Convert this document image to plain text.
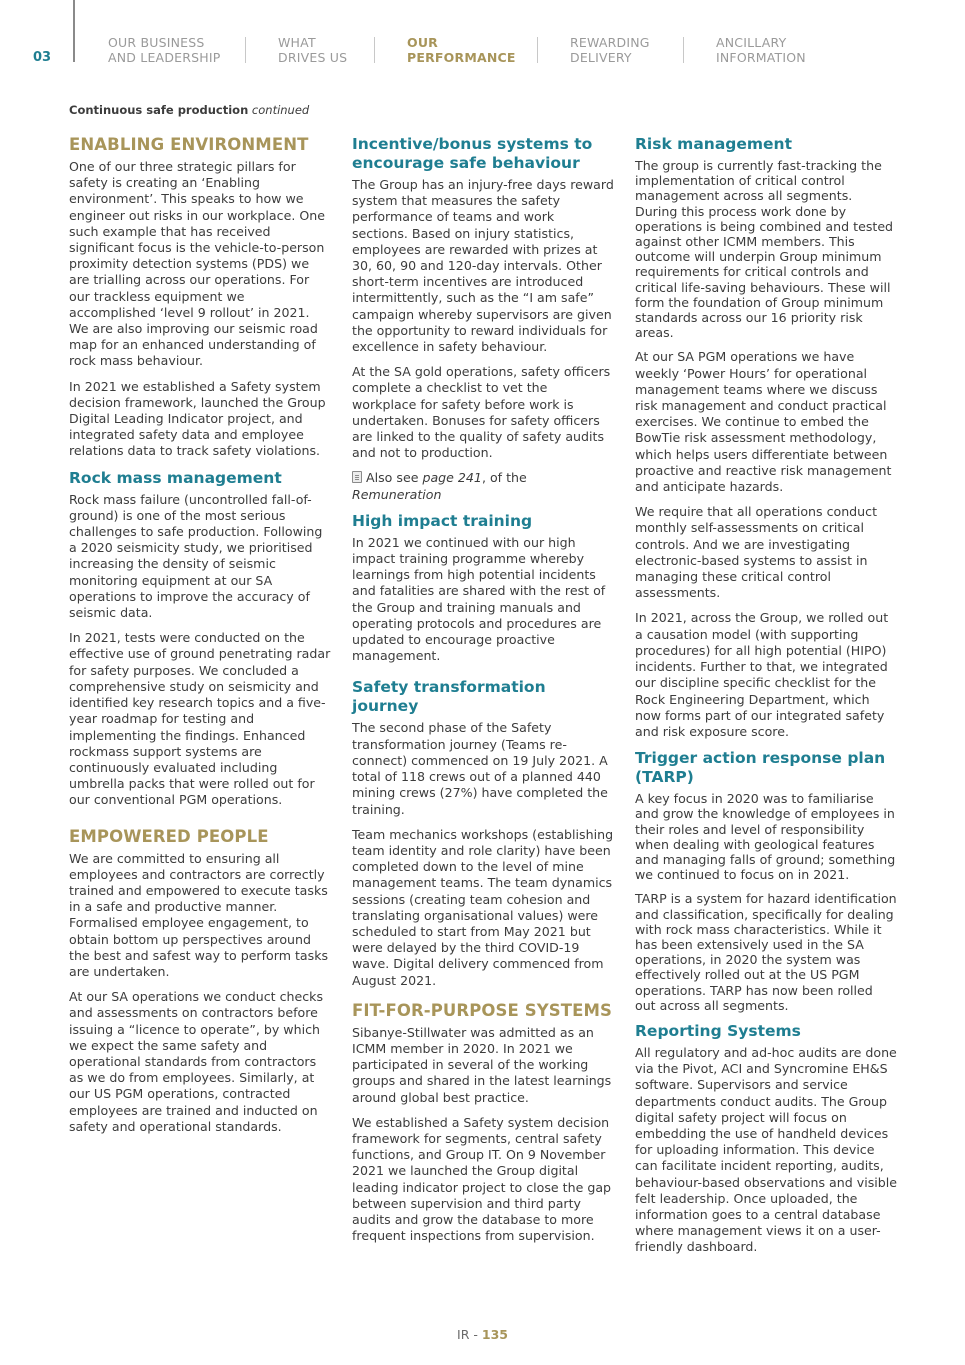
03
OUR BUSINESS
AND LEADERSHIP
WHAT
DRIVES US
OUR
PERFORMANCE
REWARDING
DELIVERY
ANCILLARY
INFORMATION
Continuous safe production continued
ENABLING ENVIRONMENT

One of our three strategic pillars for safety is creating an ‘Enabling environment’. This speaks to how we engineer out risks in our workplace. One such example that has received significant focus is the vehicle-to-person proximity detection systems (PDS) we are trialling across our operations. For our trackless equipment we accomplished ‘level 9 rollout’ in 2021. We are also improving our seismic road map for an enhanced understanding of rock mass behaviour.

In 2021 we established a Safety system decision framework, launched the Group Digital Leading Indicator project, and integrated safety data and employee relations data to track safety violations.

Rock mass management

Rock mass failure (uncontrolled fall-of-ground) is one of the most serious challenges to safe production. Following a 2020 seismicity study, we prioritised increasing the density of seismic monitoring equipment at our SA operations to improve the accuracy of seismic data.

In 2021, tests were conducted on the effective use of ground penetrating radar for safety purposes. We concluded a comprehensive study on seismicity and identified key research topics and a five-year roadmap for testing and implementing the findings. Enhanced rockmass support systems are continuously evaluated including umbrella packs that were rolled out for our conventional PGM operations.

EMPOWERED PEOPLE

We are committed to ensuring all employees and contractors are correctly trained and empowered to execute tasks in a safe and productive manner. Formalised employee engagement, to obtain bottom up perspectives around the best and safest way to perform tasks are undertaken.

At our SA operations we conduct checks and assessments on contractors before issuing a “licence to operate”, by which we expect the same safety and operational standards from contractors as we do from employees. Similarly, at our US PGM operations, contracted employees are trained and inducted on safety and operational standards.

Incentive/bonus systems to encourage safe behaviour

The Group has an injury-free days reward system that measures the safety performance of teams and work sections. Based on injury statistics, employees are rewarded with prizes at 30, 60, 90 and 120-day intervals. Other short-term incentives are introduced intermittently, such as the “I am safe” campaign whereby supervisors are given the opportunity to reward individuals for excellence in safety behaviour.

At the SA gold operations, safety officers complete a checklist to vet the workplace for safety before work is undertaken. Bonuses for safety officers are linked to the quality of safety audits and not to production.

Also see page 241, of the
Remuneration
High impact training

In 2021 we continued with our high impact training programme whereby learnings from high potential incidents and fatalities are shared with the rest of the Group and training manuals and operating protocols and procedures are updated to encourage proactive management.

Safety transformation journey

The second phase of the Safety transformation journey (Teams re-connect) commenced on 19 July 2021. A total of 118 crews out of a planned 440 mining crews (27%) have completed the training.

Team mechanics workshops (establishing team identity and role clarity) have been completed down to the level of mine management teams. The team dynamics sessions (creating team cohesion and translating organisational values) were scheduled to start from May 2021 but were delayed by the third COVID-19 wave. Digital delivery commenced from August 2021.

FIT-FOR-PURPOSE SYSTEMS

Sibanye-Stillwater was admitted as an ICMM member in 2020. In 2021 we participated in several of the working groups and shared in the latest learnings around global best practice.

We established a Safety system decision framework for segments, central safety functions, and Group IT. On 9 November 2021 we launched the Group digital leading indicator project to close the gap between supervision and third party audits and grow the database to more frequent inspections from supervision.

Risk management

The group is currently fast-tracking the implementation of critical control management across all segments. During this process work done by operations is being combined and tested against other ICMM members. This outcome will underpin Group minimum requirements for critical controls and critical life-saving behaviours. These will form the foundation of Group minimum standards across our 16 priority risk areas.

At our SA PGM operations we have weekly ‘Power Hours’ for operational management teams where we discuss risk management and conduct practical exercises. We continue to embed the BowTie risk assessment methodology, which helps users differentiate between proactive and reactive risk management and anticipate hazards.

We require that all operations conduct monthly self-assessments on critical controls. And we are investigating electronic-based systems to assist in managing these critical control assessments.

In 2021, across the Group, we rolled out a causation model (with supporting procedures) for all high potential (HIPO) incidents. Further to that, we integrated our discipline specific checklist for the Rock Engineering Department, which now forms part of our integrated safety and risk exposure score.

Trigger action response plan (TARP)

A key focus in 2020 was to familiarise and grow the knowledge of employees in their roles and level of responsibility when dealing with geological features and managing falls of ground; something we continued to focus on in 2021.

TARP is a system for hazard identification and classification, specifically for dealing with rock mass characteristics. While it has been extensively used in the SA operations, in 2020 the system was effectively rolled out at the US PGM operations. TARP has now been rolled out across all segments.

Reporting Systems

All regulatory and ad-hoc audits are done via the Pivot, ACI and Syncromine EH&S software. Supervisors and service departments conduct audits. The Group digital safety project will focus on embedding the use of handheld devices for uploading information. This device can facilitate incident reporting, audits, behaviour-based observations and visible felt leadership. Once uploaded, the information goes to a central database where management views it on a user-friendly dashboard.

IR - 135
